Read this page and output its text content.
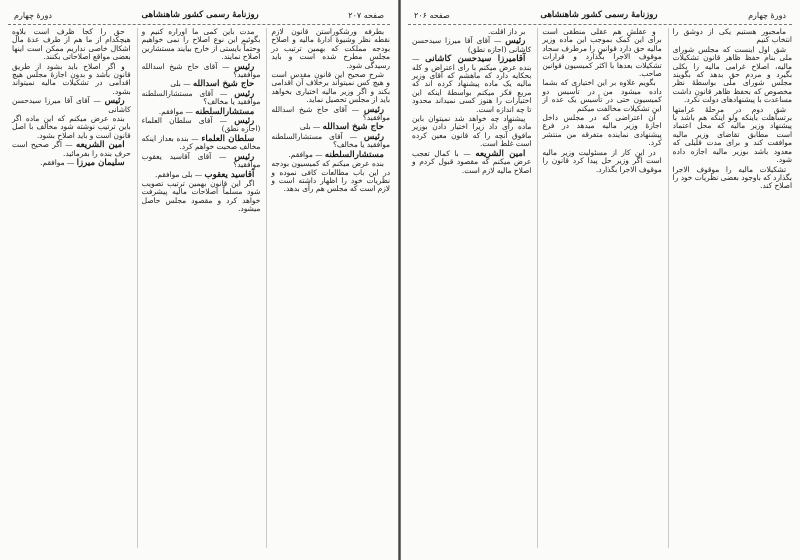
صفحه ۲۰۷
روزنامهٔ رسمی کشور شاهنشاهی
دورهٔ چهارم

بطرفه ورشکوراستن قانون لازم نقطه نظر وشیوهٔ ادارهٔ مالیه و اصلاح بودجه مملکت که بهمین ترتیب در مجلس مطرح شده است و باید رسیدگی شود.

شرح صحیح این قانون مقدس است و هیچ کس نمیتواند برخلاف آن اقدامی بکند و اگر وزیر مالیه اختیاری بخواهد باید از مجلس تحصیل نماید.

رئیس — آقای حاج شیخ اسدالله موافقید؟

حاج شیخ اسدالله — بلی

رئیس — آقای مستشارالسلطنه موافقید یا مخالف؟

مستشارالسلطنه — موافقم.

بنده عرض میکنم که کمیسیون بودجه در این باب مطالعات کافی نموده و نظریات خود را اظهار داشته است و لازم است که مجلس هم رأی بدهد.

مدت باین کمی ما اوراره کنیم و بگوئیم این نوع اصلاح را نمی خواهیم وحتماً بایستی از خارج بیایند مستشارین اصلاح نمایند.

رئیس — آقای حاج شیخ اسدالله موافقید؟

حاج شیخ اسدالله — بلی

رئیس — آقای مستشارالسلطنه موافقید یا مخالف؟

مستشارالسلطنه — موافقم.

رئیس — آقای سلطان العلماء (اجازه نطق)

سلطان العلماء — بنده بعداز اینکه مخالف صحبت خواهم کرد.

رئیس — آقای آقاسید یعقوب موافقید؟

آقاسید یعقوب — بلی موافقم.

اگر این قانون بهمین ترتیب تصویب شود مسلماً اصلاحات مالیه پیشرفت خواهد کرد و مقصود مجلس حاصل میشود.

حق را کجا ظرف است بلاوه هیچکدام از ما هم از طرف عدهٔ مال اشکال خاصی نداریم ممکن است اینها بعضی مواقع اصلاحاتی بکنند.

و اگر اصلاح باید بشود از طریق قانون باشد و بدون اجازهٔ مجلس هیچ اقدامی در تشکیلات مالیه نمیتواند بشود.

رئیس — آقای آقا میرزا سیدحسن کاشانی

بنده عرض میکنم که این ماده اگر باین ترتیب نوشته شود مخالف با اصل قانون است و باید اصلاح بشود.

امین الشریعه — اگر صحیح است حرف بنده را بفرمائید.

سلیمان میرزا — موافقم.

دورهٔ چهارم
روزنامهٔ رسمی کشور شاهنشاهی
صفحه ۲۰۶

مامجبور هستیم یکی از دوشق را انتخاب کنیم

شق اول اینست که مجلس شورای ملی بنام حفظ ظاهر قانون تشکیلات مالیه، اصلاح غرامی مالیه را بکلی بگیرد و مردم حق بدهد که بگویند مجلس شورای ملی بواسطهٔ نظر مخصوص که بحفظ ظاهر قانون داشت مساعدت با پیشنهادهای دولت نکرد.

شق دوم در مرحلهٔ غرامتها برتساهلت باینکه ولو اینکه هم باشد با پیشنهاد وزیر مالیه که محل اعتماد است مطابق تقاضای وزیر مالیه موافقت کند و برای مدت قلیلی که معدود باشد بوزیر مالیه اجازه داده شود.

تشکیلات مالیه را موقوف الاجرا بگذارد که باوجود بعضی نظریات خود را اصلاح کند.

و عقلش هم عقلی منطقی است برای این کمک بموجب این ماده وزیر مالیه حق دارد قوانین را مرطرف سجاد موقوف الاجرا بگذارد و قرارات تشکیلات بعدها با اکثر کمیسیون قوانین صاحب.

بگویم علاوه بر این اختیاری که بشما داده میشود من در تأسیس دو کمیسیون حتی در تأسیس یک عده از این تشکیلات مخالفت میکنم

آن اعتراضی که در مجلس داخل اجازهٔ وزیر مالیه میدهد در فرع پیشنهادی نماینده متفرقه من منتشر کرد.

در این کار از مسئولیت وزیر مالیه است اگر وزیر حل پیدا کرد قانون را موقوف الاجرا بگذارد.

بر داز اقلت.

رئیس — آقای آقا میرزا سیدحسن کاشانی (اجازه نطق)

آقامیرزا سیدحسن کاشانی — بنده عرض میکنم با رای اعتراض و کله بحکایه دارد که ماهشم که آقای وزیر مالیه یک ماده پیشنهاد کرده اند که مربع فکر میکنم بواسطهٔ اینکه این اختیارات را هنوز کسی نمیداند محدود تا چه اندازه است.

پیشنهاد چه خواهد شد نمیتوان باین ماده رأی داد زیرا اختیار دادن بوزیر مافوق آنچه را که قانون معین کرده است غلط است.

امین الشریعه — با کمال تعجب عرض میکنم که مقصود قبول کردم و اصلاح مالیه لازم است.
